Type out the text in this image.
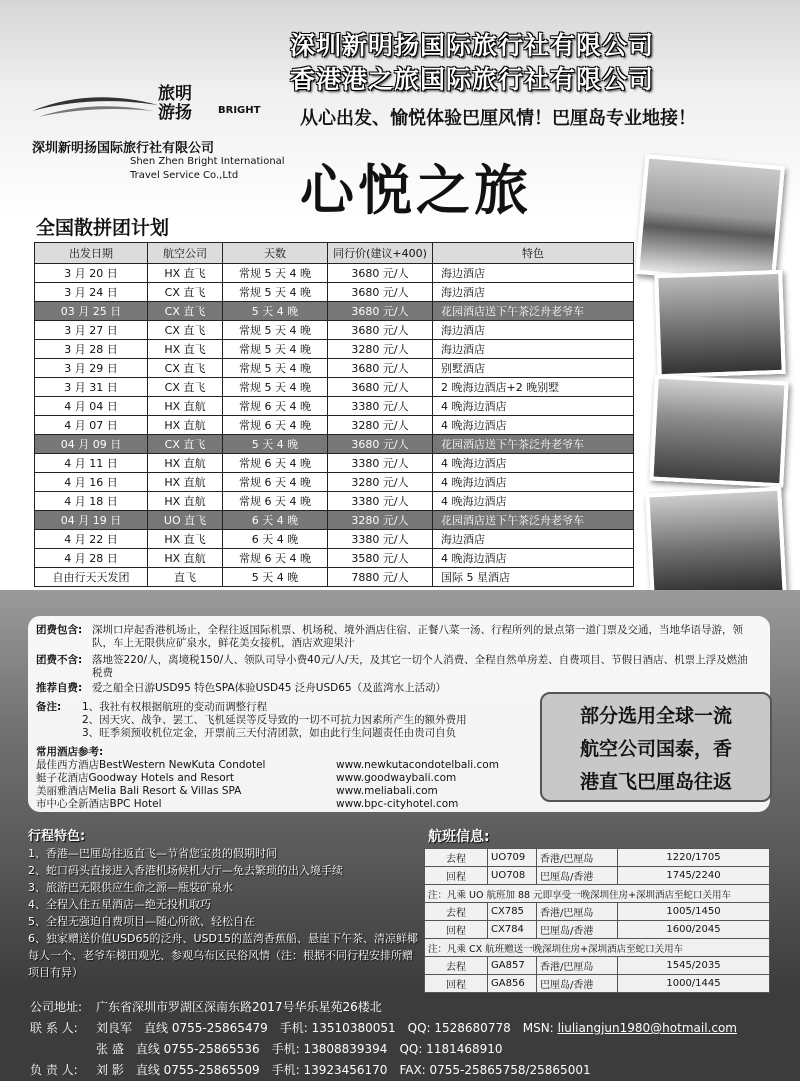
深圳新明扬国际旅行社有限公司
香港港之旅国际旅行社有限公司
旅明
游扬	BRIGHT
深圳新明扬国际旅行社有限公司
Shen Zhen Bright International
Travel Service Co.,Ltd
从心出发、愉悦体验巴厘风情！巴厘岛专业地接！
心悦之旅
全国散拼团计划
出发日期	航空公司	天数	同行价(建议+400)	特色
3 月 20 日	HX 直飞	常规 5 天 4 晚	3680 元/人	海边酒店
3 月 24 日	CX 直飞	常规 5 天 4 晚	3680 元/人	海边酒店
03 月 25 日	CX 直飞	5 天 4 晚	3680 元/人	花园酒店送下午茶泛舟老爷车
3 月 27 日	CX 直飞	常规 5 天 4 晚	3680 元/人	海边酒店
3 月 28 日	HX 直飞	常规 5 天 4 晚	3280 元/人	海边酒店
3 月 29 日	CX 直飞	常规 5 天 4 晚	3680 元/人	别墅酒店
3 月 31 日	CX 直飞	常规 5 天 4 晚	3680 元/人	2 晚海边酒店+2 晚别墅
4 月 04 日	HX 直航	常规 6 天 4 晚	3380 元/人	4 晚海边酒店
4 月 07 日	HX 直航	常规 6 天 4 晚	3280 元/人	4 晚海边酒店
04 月 09 日	CX 直飞	5 天 4 晚	3680 元/人	花园酒店送下午茶泛舟老爷车
4 月 11 日	HX 直航	常规 6 天 4 晚	3380 元/人	4 晚海边酒店
4 月 16 日	HX 直航	常规 6 天 4 晚	3280 元/人	4 晚海边酒店
4 月 18 日	HX 直航	常规 6 天 4 晚	3380 元/人	4 晚海边酒店
04 月 19 日	UO 直飞	6 天 4 晚	3280 元/人	花园酒店送下午茶泛舟老爷车
4 月 22 日	HX 直飞	6 天 4 晚	3380 元/人	海边酒店
4 月 28 日	HX 直航	常规 6 天 4 晚	3580 元/人	4 晚海边酒店
自由行天天发团	直飞	5 天 4 晚	7880 元/人	国际 5 星酒店
团费包含: 深圳口岸起香港机场止，全程往返国际机票、机场税、境外酒店住宿、正餐八菜一汤、行程所列的景点第一道门票及交通，当地华语导游，领队，车上无限供应矿泉水，鲜花美女接机，酒店欢迎果汁
团费不含: 落地签220/人，离境税150/人、领队司导小费40元/人/天，及其它一切个人消费、全程自然单房差、自费项目、节假日酒店、机票上浮及燃油税费
推荐自费: 爱之船全日游USD95 特色SPA体验USD45 泛舟USD65（及蓝湾水上活动）
备注: 1、我社有权根据航班的变动而调整行程
2、因天灾、战争、罢工、飞机延误等反导致的一切不可抗力因素所产生的额外费用
3、旺季须预收机位定金，开票前三天付清团款，如由此行生问题责任由贵司自负
常用酒店参考:
最佳西方酒店BestWestern NewKuta Condotel	www.newkutacondotelbali.com
蜓子花酒店Goodway Hotels and Resort	www.goodwaybali.com
美丽雅酒店Melia Bali Resort & Villas SPA	www.meliabali.com
市中心全新酒店BPC Hotel	www.bpc-cityhotel.com
部分选用全球一流
航空公司国泰，香
港直飞巴厘岛往返
行程特色:
1、香港—巴厘岛往返直飞—节省您宝贵的假期时间
2、蛇口码头直接进入香港机场候机大厅—免去繁琐的出入境手续
3、旅游巴无限供应生命之源—瓶装矿泉水
4、全程入住五星酒店—绝无投机取巧
5、全程无强迫自费项目—随心所欲、轻松自在
6、独家赠送价值USD65的泛舟、USD15的蓝湾香蕉船、悬崖下午茶、清凉鲜椰每人一个、老爷车梯田观光、参观乌布区民俗风情（注：根据不同行程安排所赠项目有异）
航班信息:
去程	UO709	香港/巴厘岛	1220/1705
回程	UO708	巴厘岛/香港	1745/2240
注：凡乘 UO 航班加 88 元即享受一晚深圳住房+深圳酒店至蛇口关用车			
去程	CX785	香港/巴厘岛	1005/1450
回程	CX784	巴厘岛/香港	1600/2045
注：凡乘 CX 航班赠送一晚深圳住房+深圳酒店至蛇口关用车			
去程	GA857	香港/巴厘岛	1545/2035
回程	GA856	巴厘岛/香港	1000/1445
公司地址: 广东省深圳市罗湖区深南东路2017号华乐星苑26楼北
联 系 人: 刘良军 直线 0755-25865479 手机: 13510380051 QQ: 1528680778 MSN: liuliangjun1980@hotmail.com
张 盛 直线 0755-25865536 手机: 13808839394 QQ: 1181468910
负 责 人: 刘 影 直线 0755-25865509 手机: 13923456170 FAX: 0755-25865758/25865001
